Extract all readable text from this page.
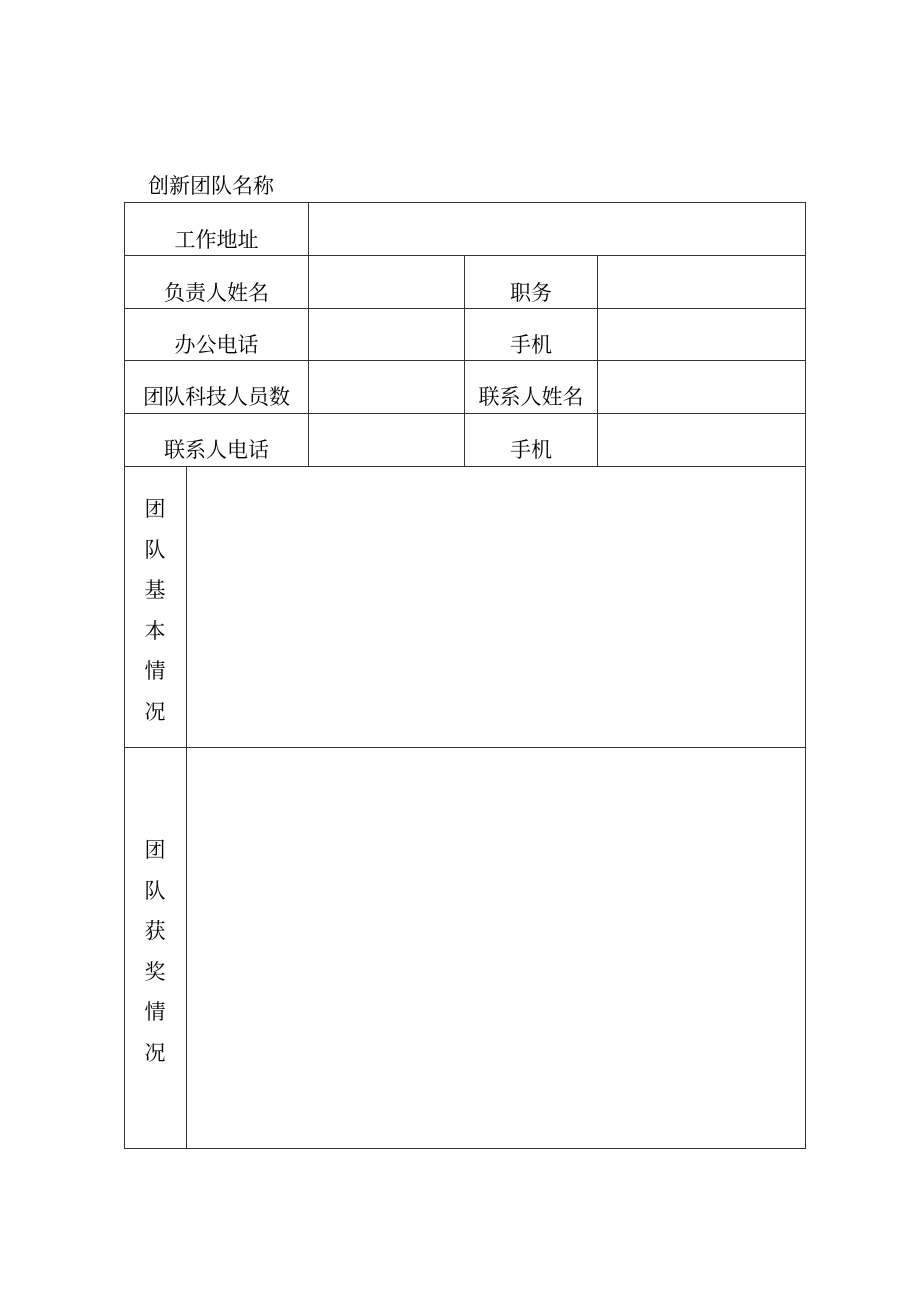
创新团队名称
工作地址
负责人姓名	职务
办公电话	手机
团队科技人员数	联系人姓名
联系人电话	手机
团
队
基
本
情
况
团
队
获
奖
情
况
